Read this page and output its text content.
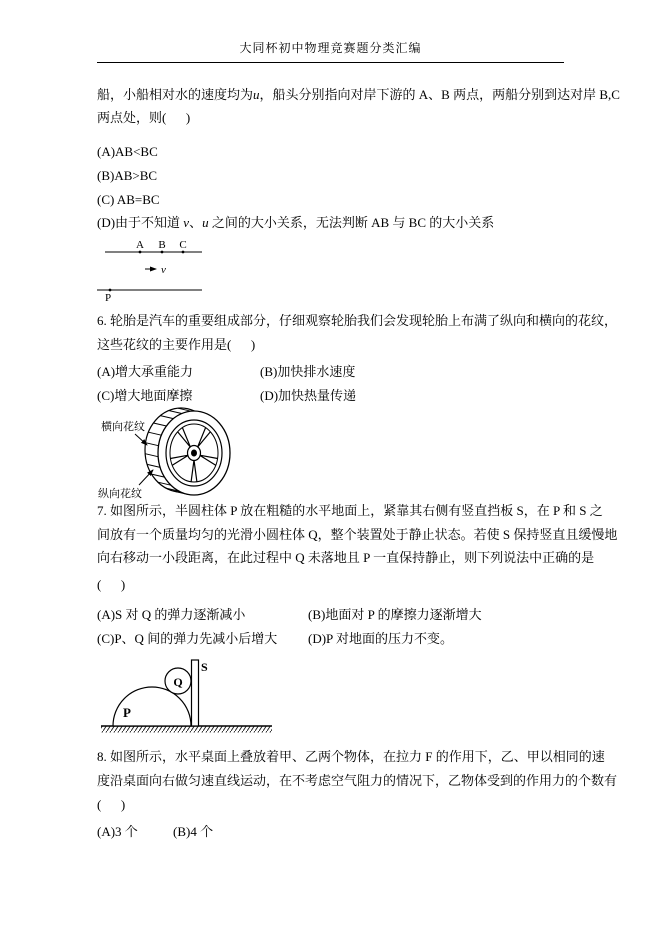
大同杯初中物理竞赛题分类汇编
船，小船相对水的速度均为u，船头分别指向对岸下游的 A、B 两点，两船分别到达对岸 B,C
两点处，则(      )
(A)AB<BC
(B)AB>BC
(C) AB=BC
(D)由于不知道 v、u 之间的大小关系，无法判断 AB 与 BC 的大小关系
A B C
v
P
6. 轮胎是汽车的重要组成部分，仔细观察轮胎我们会发现轮胎上布满了纵向和横向的花纹，
这些花纹的主要作用是(      )
(A)增大承重能力	(B)加快排水速度
(C)增大地面摩擦	(D)加快热量传递
横向花纹
纵向花纹
7. 如图所示，半圆柱体 P 放在粗糙的水平地面上，紧靠其右侧有竖直挡板 S，在 P 和 S 之
间放有一个质量均匀的光滑小圆柱体 Q，整个装置处于静止状态。若使 S 保持竖直且缓慢地
向右移动一小段距离，在此过程中 Q 未落地且 P 一直保持静止，则下列说法中正确的是
(      )
(A)S 对 Q 的弹力逐渐减小	(B)地面对 P 的摩擦力逐渐增大
(C)P、Q 间的弹力先减小后增大 (D)P 对地面的压力不变。
P
Q
S
8. 如图所示，水平桌面上叠放着甲、乙两个物体，在拉力 F 的作用下，乙、甲以相同的速
度沿桌面向右做匀速直线运动，在不考虑空气阻力的情况下，乙物体受到的作用力的个数有
(      )
(A)3 个	(B)4 个
